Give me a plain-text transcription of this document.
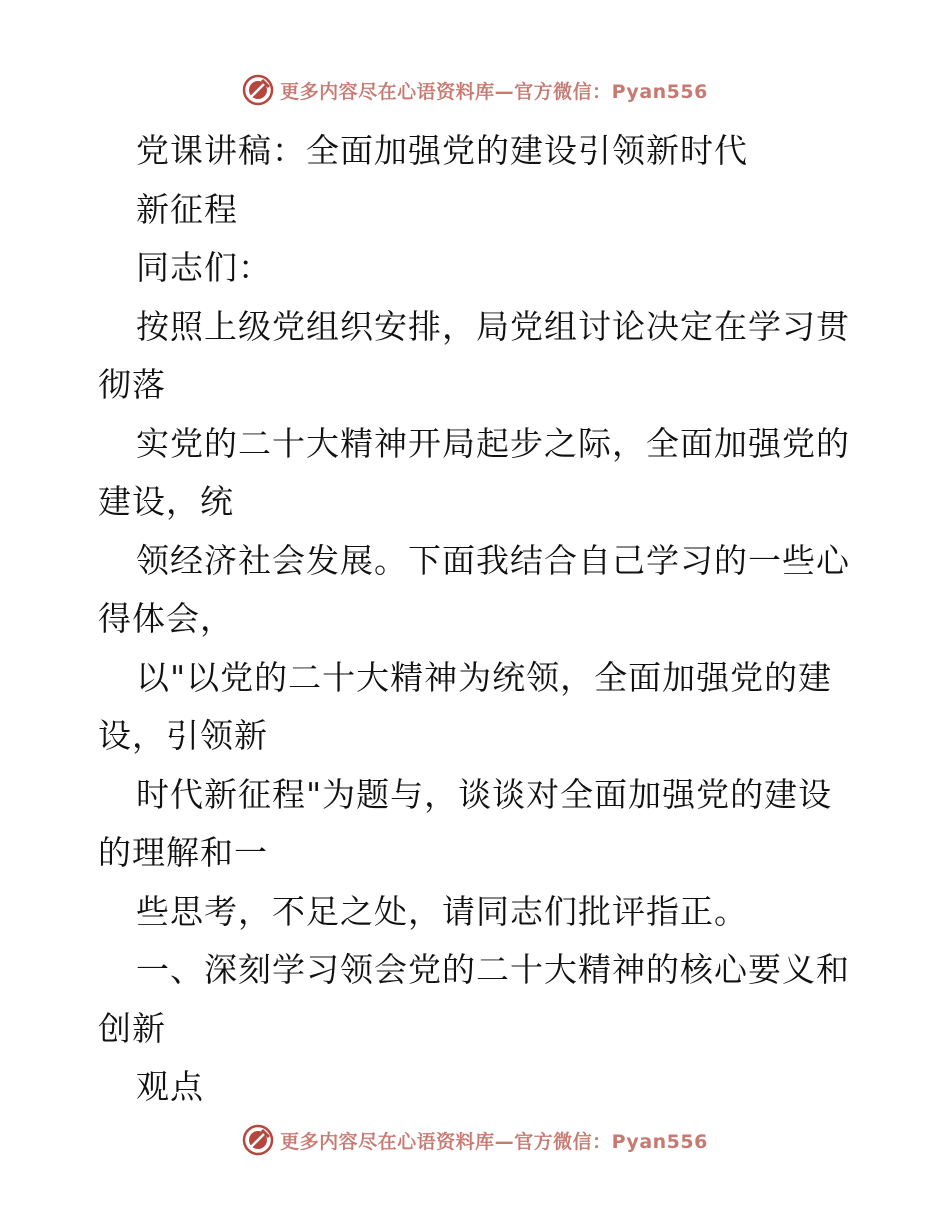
更多内容尽在心语资料库—官方微信：Pyan556
党课讲稿：全面加强党的建设引领新时代
新征程
同志们：
按照上级党组织安排，局党组讨论决定在学习贯
彻落
实党的二十大精神开局起步之际，全面加强党的
建设，统
领经济社会发展。下面我结合自己学习的一些心
得体会，
以"以党的二十大精神为统领，全面加强党的建
设，引领新
时代新征程"为题与，谈谈对全面加强党的建设
的理解和一
些思考，不足之处，请同志们批评指正。
一、深刻学习领会党的二十大精神的核心要义和
创新
观点
更多内容尽在心语资料库—官方微信：Pyan556
